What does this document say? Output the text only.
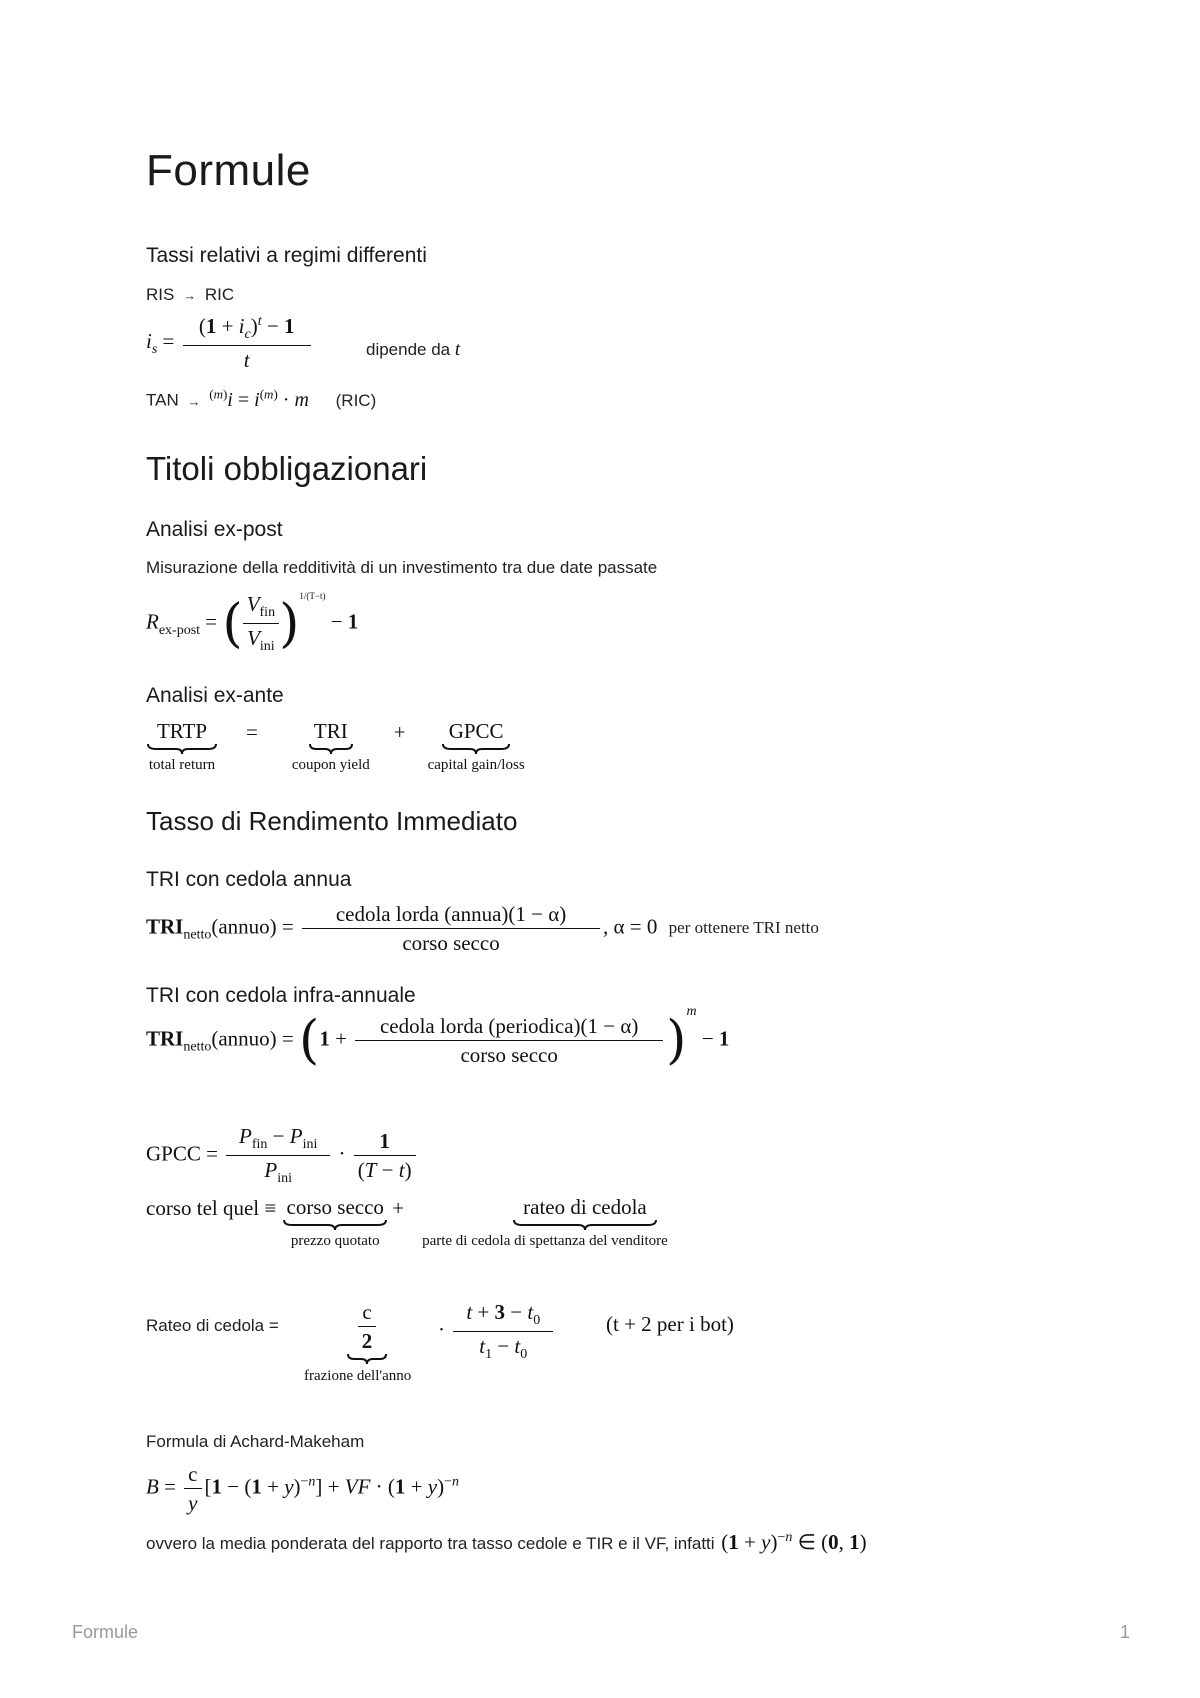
Formule
Tassi relativi a regimi differenti
RIS → RIC
$i_s = \frac{(1 + i_c)^t - 1}{t}$	dipende da t
TAN → $^{(m)}i = i^{(m)} \cdot m$ (RIC)
Titoli obbligazionari
Analisi ex-post
Misurazione della redditività di un investimento tra due date passate
$R_{ex-post}$ = ( $\frac{V_{fin}}{V_{ini}} )^{1/(T-t)} - 1$
Analisi ex-ante
TRTP
total return
=	TRI
coupon yield
+ GPCC
capital gain/loss
Tasso di Rendimento Immediato
TRI con cedola annua
$TRI_{netto}(annuo) = \frac{\text{cedola lorda (annua)(1 − α)}}{\text{corso secco}}$ , α = 0 per ottenere TRI netto
TRI con cedola infra-annuale
$TRI_{netto}(annuo) = (1 + \frac{\text{cedola lorda (periodica)(1 − α)}}{\text{corso secco}} )^m - 1$
GPCC = $\frac{P_{fin} - P_{ini}}{P_{ini}} \cdot \frac{1}{(T - t)}$
corso tel quel ≡ corso secco
prezzo quotato
+	rateo di cedola
parte di cedola di spettanza del venditore
Rateo di cedola =	$\frac{c}{2}$
frazione dell'anno
· $\frac{t + 3 - t_0}{t_1 - t_0}$	(t + 2 per i bot)
Formula di Achard-Makeham
$B = \frac{c}{y} [1 - (1 + y)^{-n}]$ + VF · $(1 + y)^{-n}$
ovvero la media ponderata del rapporto tra tasso cedole e TIR e il VF, infatti $(1 + y)^{-n}$ ∈ (0, 1)
Formule	1
